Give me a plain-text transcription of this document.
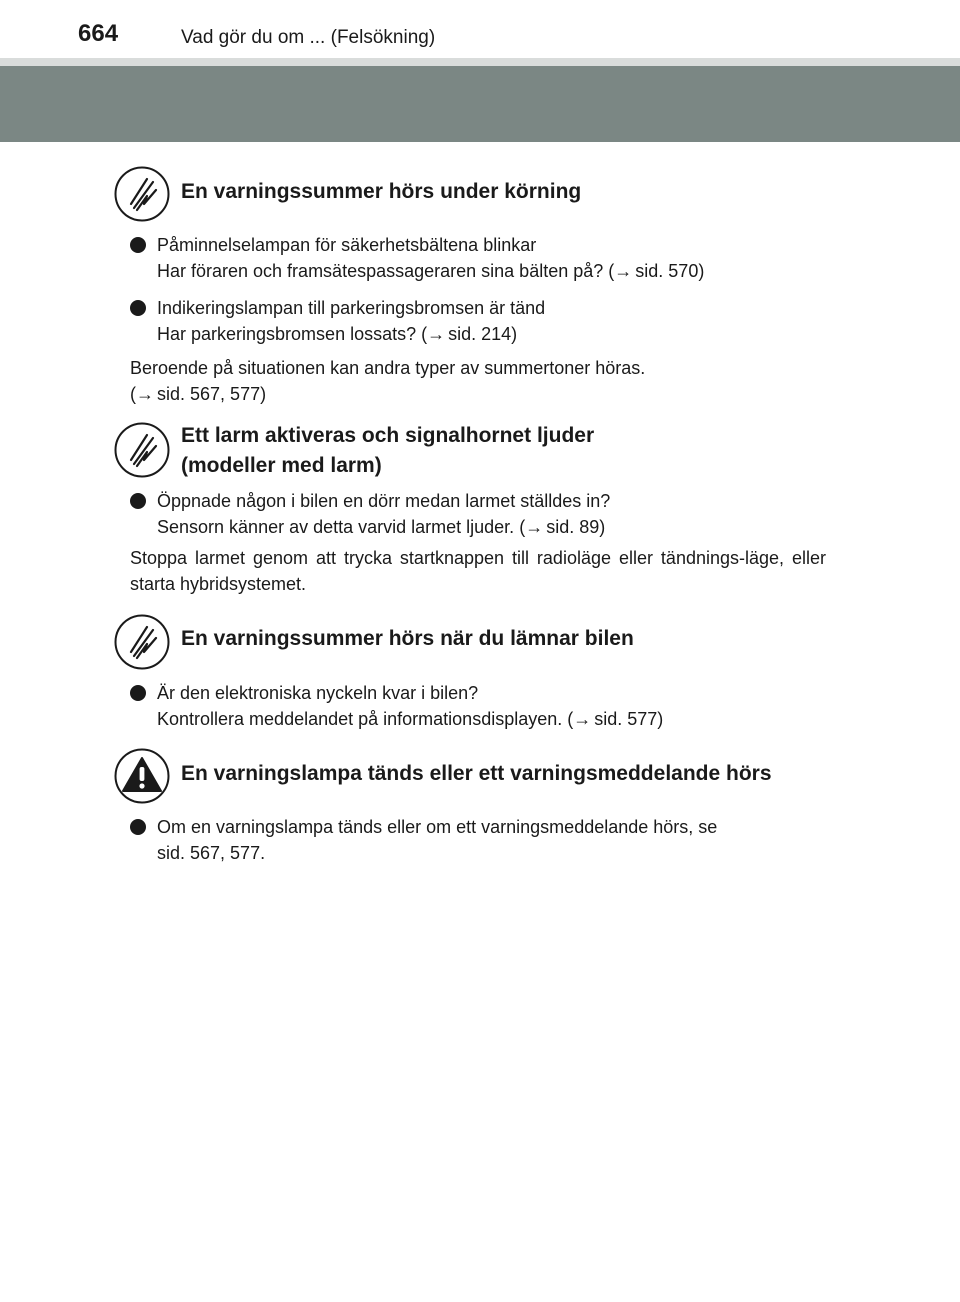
664	Vad gör du om ... (Felsökning)
En varningssummer hörs under körning
Påminnelselampan för säkerhetsbältena blinkar
Har föraren och framsätespassageraren sina bälten på? (→ sid. 570)
Indikeringslampan till parkeringsbromsen är tänd
Har parkeringsbromsen lossats? (→ sid. 214)
Beroende på situationen kan andra typer av summertoner höras.
(→ sid. 567, 577)
Ett larm aktiveras och signalhornet ljuder
(modeller med larm)
Öppnade någon i bilen en dörr medan larmet ställdes in?
Sensorn känner av detta varvid larmet ljuder. (→ sid. 89)
Stoppa larmet genom att trycka startknappen till radioläge eller tändnings-läge, eller starta hybridsystemet.
En varningssummer hörs när du lämnar bilen
Är den elektroniska nyckeln kvar i bilen?
Kontrollera meddelandet på informationsdisplayen. (→ sid. 577)
En varningslampa tänds eller ett varningsmeddelande hörs
Om en varningslampa tänds eller om ett varningsmeddelande hörs, se
sid. 567, 577.
